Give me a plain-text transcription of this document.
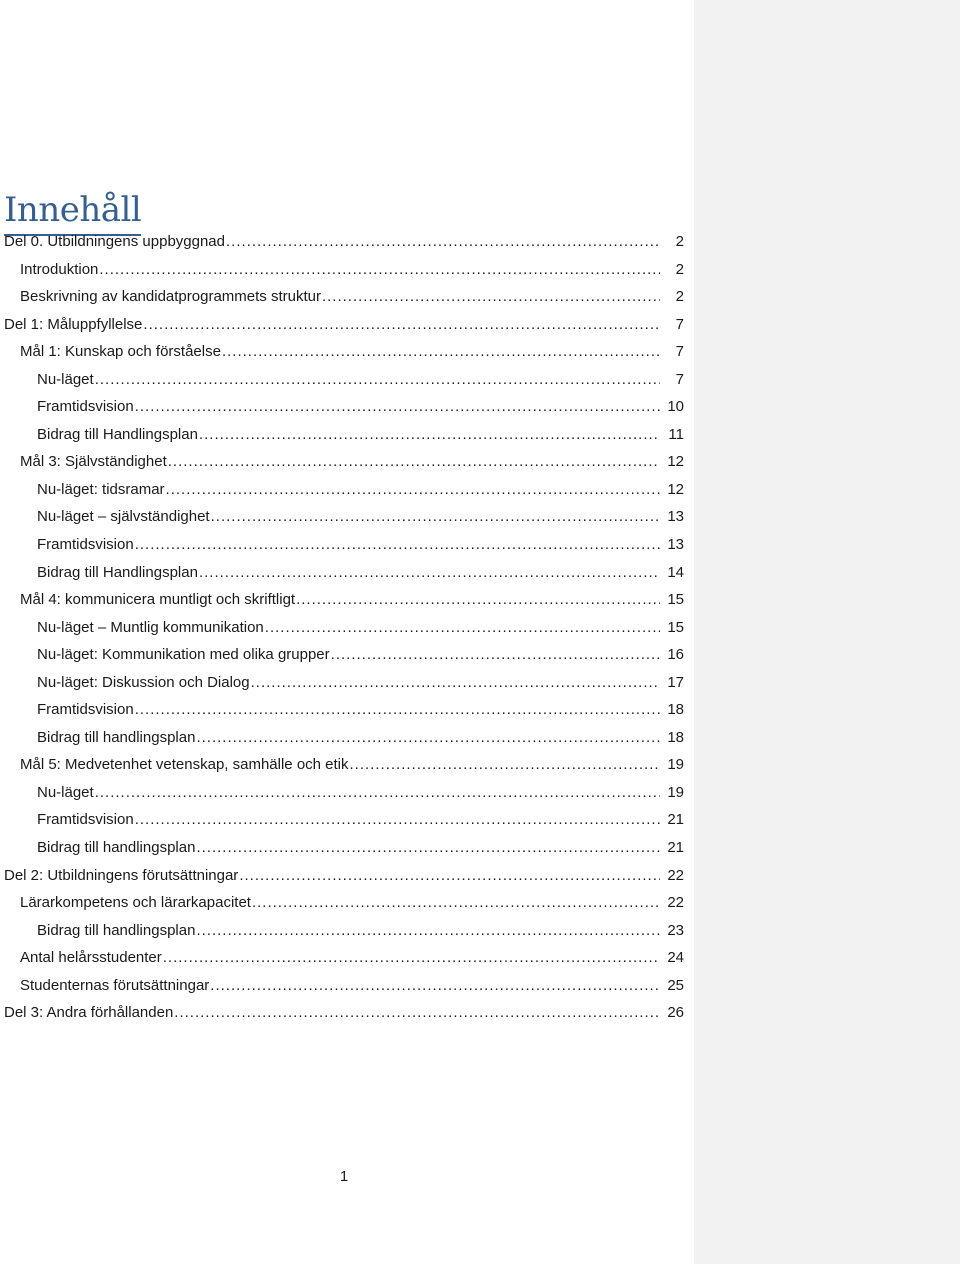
Innehåll
Del 0. Utbildningens uppbyggnad .....	2
Introduktion .....	2
Beskrivning av kandidatprogrammets struktur .....	2
Del 1: Måluppfyllelse .....	7
Mål 1: Kunskap och förståelse .....	7
Nu-läget .....	7
Framtidsvision .....	10
Bidrag till Handlingsplan .....	11
Mål 3: Självständighet .....	12
Nu-läget: tidsramar .....	12
Nu-läget – självständighet .....	13
Framtidsvision .....	13
Bidrag till Handlingsplan .....	14
Mål 4: kommunicera muntligt och skriftligt .....	15
Nu-läget – Muntlig kommunikation .....	15
Nu-läget: Kommunikation med olika grupper .....	16
Nu-läget: Diskussion och Dialog .....	17
Framtidsvision .....	18
Bidrag till handlingsplan .....	18
Mål 5: Medvetenhet vetenskap, samhälle och etik .....	19
Nu-läget .....	19
Framtidsvision .....	21
Bidrag till handlingsplan .....	21
Del 2: Utbildningens förutsättningar .....	22
Lärarkompetens och lärarkapacitet .....	22
Bidrag till handlingsplan .....	23
Antal helårsstudenter .....	24
Studenternas förutsättningar .....	25
Del 3: Andra förhållanden .....	26
1
